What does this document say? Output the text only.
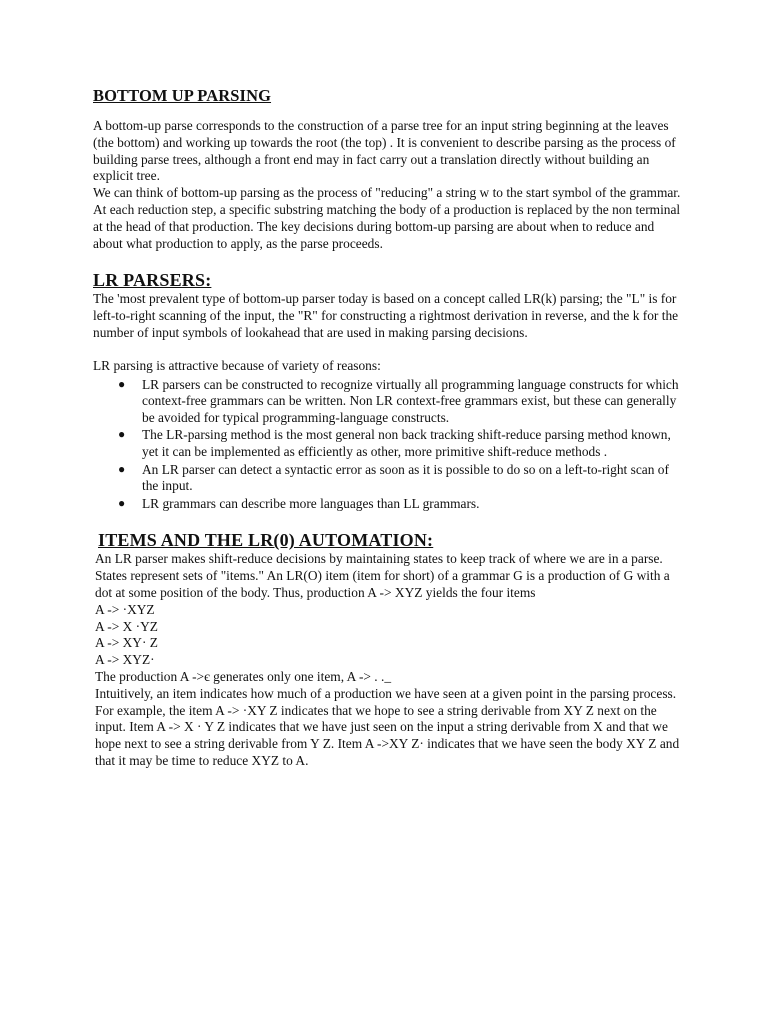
BOTTOM UP PARSING

A bottom-up parse corresponds to the construction of a parse tree for an input string beginning at the leaves (the bottom) and working up towards the root (the top) . It is convenient to describe parsing as the process of building parse trees, although a front end may in fact carry out a translation directly without building an explicit tree.

We can think of bottom-up parsing as the process of "reducing" a string w to the start symbol of the grammar. At each reduction step, a specific substring matching the body of a production is replaced by the non terminal at the head of that production. The key decisions during bottom-up parsing are about when to reduce and about what production to apply, as the parse proceeds.

LR PARSERS:

The 'most prevalent type of bottom-up parser today is based on a concept called LR(k) parsing; the "L" is for left-to-right scanning of the input, the "R" for constructing a rightmost derivation in reverse, and the k for the number of input symbols of lookahead that are used in making parsing decisions.

LR parsing is attractive because of variety of reasons:

● LR parsers can be constructed to recognize virtually all programming language constructs for which context-free grammars can be written. Non LR context-free grammars exist, but these can generally be avoided for typical programming-language constructs.
● The LR-parsing method is the most general non back tracking shift-reduce parsing method known, yet it can be implemented as efficiently as other, more primitive shift-reduce methods .
● An LR parser can detect a syntactic error as soon as it is possible to do so on a left-to-right scan of the input.
● LR grammars can describe more languages than LL grammars.
ITEMS AND THE LR(0) AUTOMATION:

An LR parser makes shift-reduce decisions by maintaining states to keep track of where we are in a parse. States represent sets of "items." An LR(O) item (item for short) of a grammar G is a production of G with a dot at some position of the body. Thus, production A -> XYZ yields the four items

A -> ·XYZ

A -> X ·YZ

A -> XY· Z

A -> XYZ·

The production A ->є generates only one item, A -> . ._

Intuitively, an item indicates how much of a production we have seen at a given point in the parsing process. For example, the item A -> ·XY Z indicates that we hope to see a string derivable from XY Z next on the input. Item A -> X · Y Z indicates that we have just seen on the input a string derivable from X and that we hope next to see a string derivable from Y Z. Item A ->XY Z· indicates that we have seen the body XY Z and that it may be time to reduce XYZ to A.
